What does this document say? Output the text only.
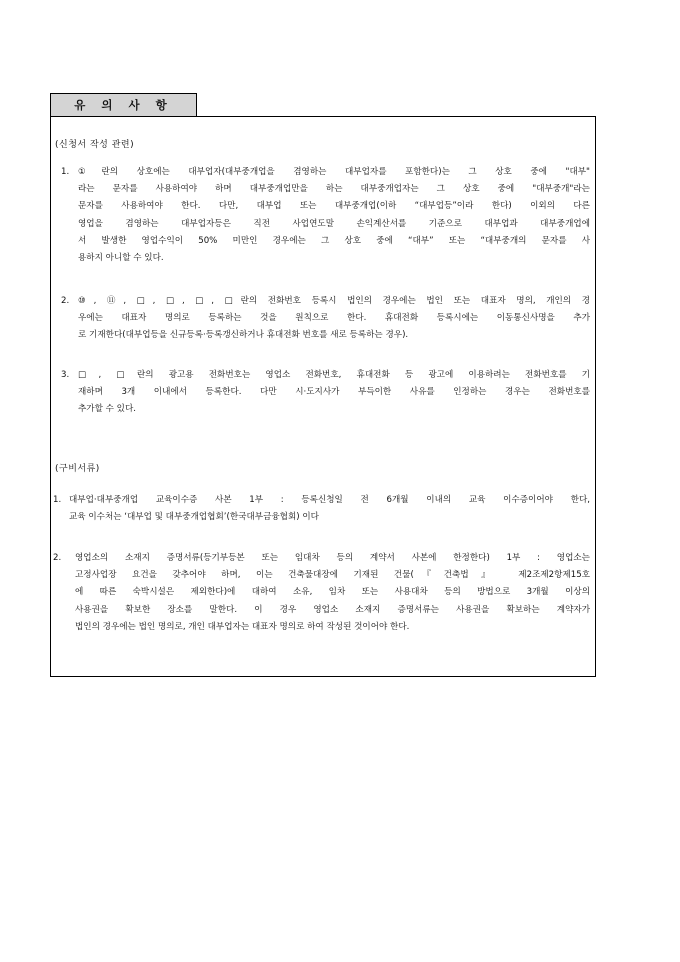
유 의 사 항

(신청서 작성 관련)

1. ①란의 상호에는 대부업자(대부중개업을 겸영하는 대부업자를 포함한다)는 그 상호 중에 "대부"
라는 문자를 사용하여야 하며 대부중개업만을 하는 대부중개업자는 그 상호 중에 "대부중개"라는
문자를 사용하여야 한다. 다만, 대부업 또는 대부중개업(이하 “대부업등”이라 한다) 이외의 다른
영업을 겸영하는 대부업자등은 직전 사업연도말 손익계산서를 기준으로 대부업과 대부중개업에
서 발생한 영업수익이 50% 미만인 경우에는 그 상호 중에 “대부” 또는 “대부중개의 문자를 사
용하지 아니할 수 있다.
2. ⑩, ⑪, □, □, □, □란의 전화번호 등록시 법인의 경우에는 법인 또는 대표자 명의, 개인의 경
우에는 대표자 명의로 등록하는 것을 원칙으로 한다. 휴대전화 등록시에는 이동통신사명을 추가
로 기재한다(대부업등을 신규등록·등록갱신하거나 휴대전화 번호를 새로 등록하는 경우).
3. □, □란의 광고용 전화번호는 영업소 전화번호, 휴대전화 등 광고에 이용하려는 전화번호를 기
재하며 3개 이내에서 등록한다. 다만 시·도지사가 부득이한 사유를 인정하는 경우는 전화번호를
추가할 수 있다.

(구비서류)

1. 대부업·대부중개업 교육이수증 사본 1부 : 등록신청일 전 6개월 이내의 교육 이수증이어야 한다,
교육 이수처는 ‘대부업 및 대부중개업협회’(한국대부금융협회) 이다
2. 영업소의 소재지 증명서류(등기부등본 또는 임대차 등의 계약서 사본에 한정한다) 1부 : 영업소는
고정사업장 요건을 갖추어야 하며, 이는 건축물대장에 기재된 건물(『건축법』 제2조제2항제15호
에 따른 숙박시설은 제외한다)에 대하여 소유, 임차 또는 사용대차 등의 방법으로 3개월 이상의
사용권을 확보한 장소를 말한다. 이 경우 영업소 소재지 증명서류는 사용권을 확보하는 계약자가
법인의 경우에는 법인 명의로, 개인 대부업자는 대표자 명의로 하여 작성된 것이어야 한다.
